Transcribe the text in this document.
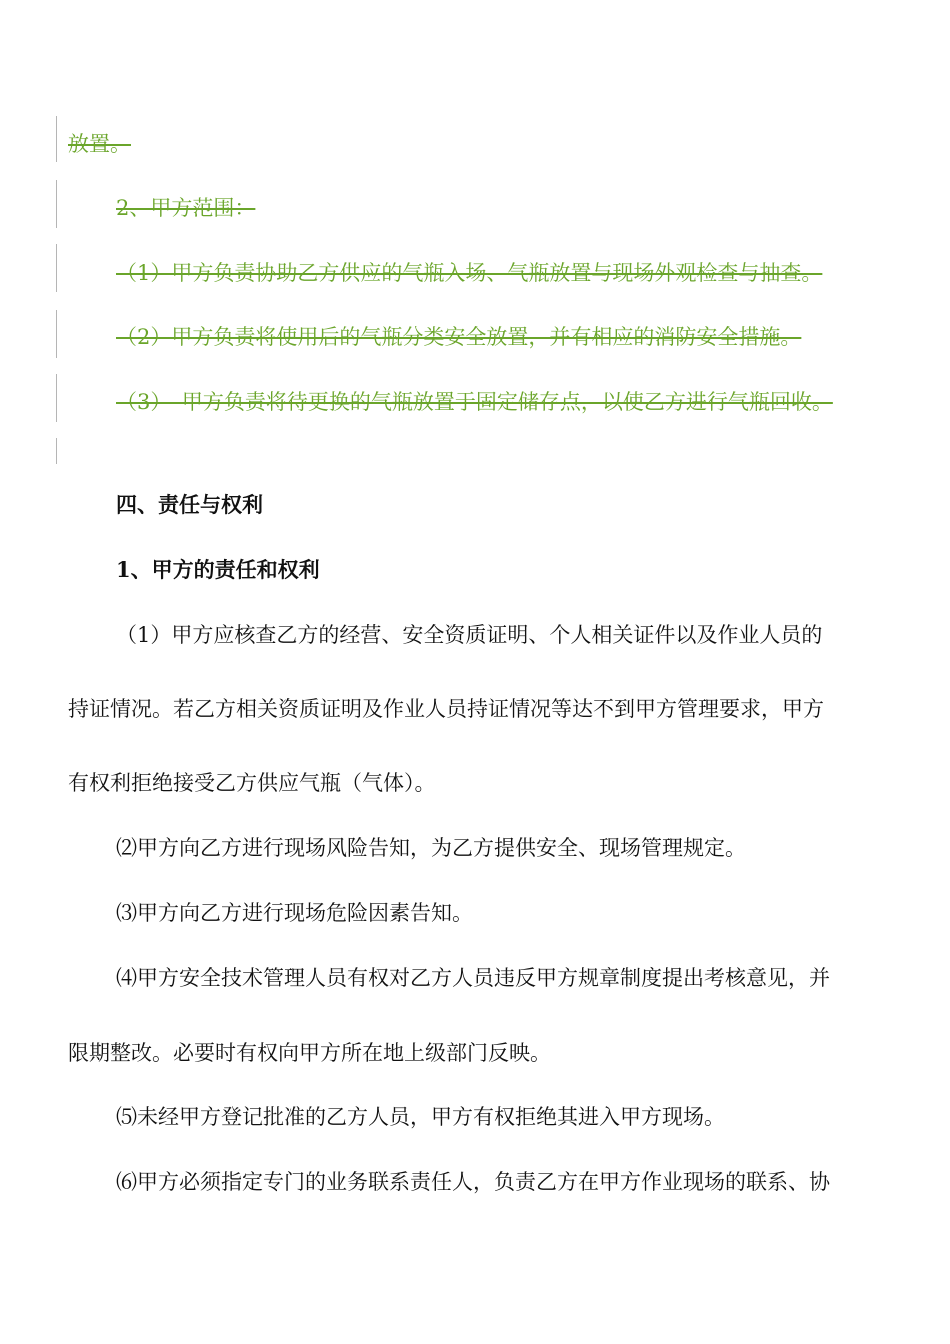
放置。
2、甲方范围：
（1）甲方负责协助乙方供应的气瓶入场、气瓶放置与现场外观检查与抽查。
（2）甲方负责将使用后的气瓶分类安全放置，并有相应的消防安全措施。
（3）　甲方负责将待更换的气瓶放置于固定储存点，以使乙方进行气瓶回收。
四、责任与权利
1、甲方的责任和权利
（1）甲方应核查乙方的经营、安全资质证明、个人相关证件以及作业人员的
持证情况。若乙方相关资质证明及作业人员持证情况等达不到甲方管理要求，甲方
有权利拒绝接受乙方供应气瓶（气体）。
⑵甲方向乙方进行现场风险告知，为乙方提供安全、现场管理规定。
⑶甲方向乙方进行现场危险因素告知。
⑷甲方安全技术管理人员有权对乙方人员违反甲方规章制度提出考核意见，并
限期整改。必要时有权向甲方所在地上级部门反映。
⑸未经甲方登记批准的乙方人员，甲方有权拒绝其进入甲方现场。
⑹甲方必须指定专门的业务联系责任人，负责乙方在甲方作业现场的联系、协
